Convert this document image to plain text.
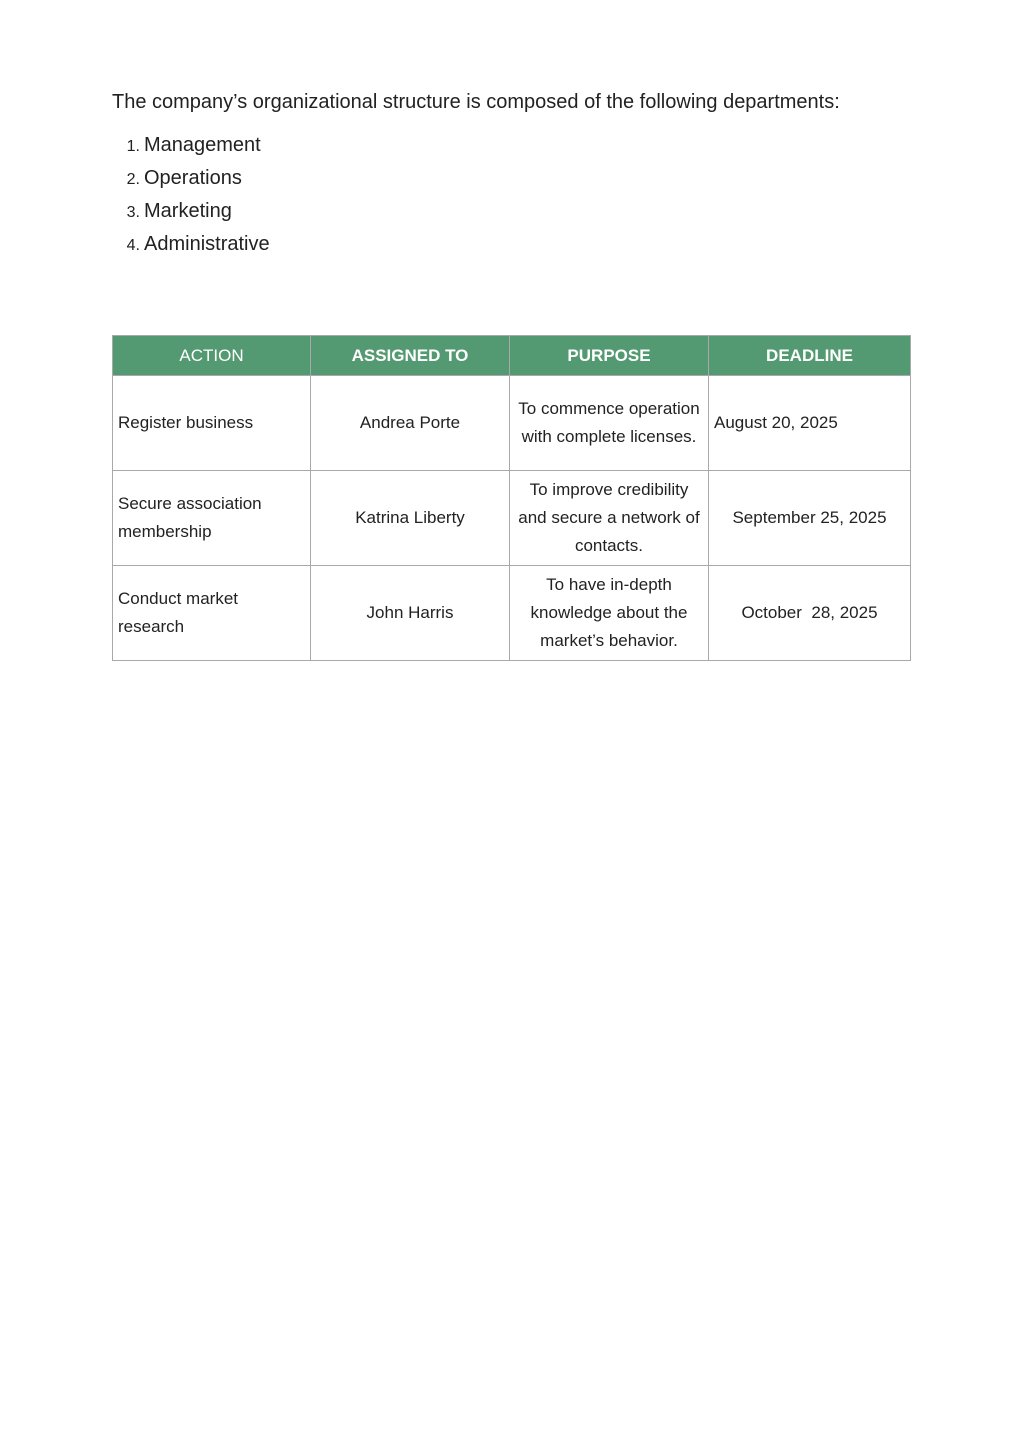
The company’s organizational structure is composed of the following departments:

1. Management
2. Operations
3. Marketing
4. Administrative
ACTION	ASSIGNED TO	PURPOSE	DEADLINE
Register business	Andrea Porte	To commence operation with complete licenses.	August 20, 2025
Secure association membership	Katrina Liberty	To improve credibility and secure a network of contacts.	September 25, 2025
Conduct market research	John Harris	To have in-depth knowledge about the market’s behavior.	October  28, 2025
